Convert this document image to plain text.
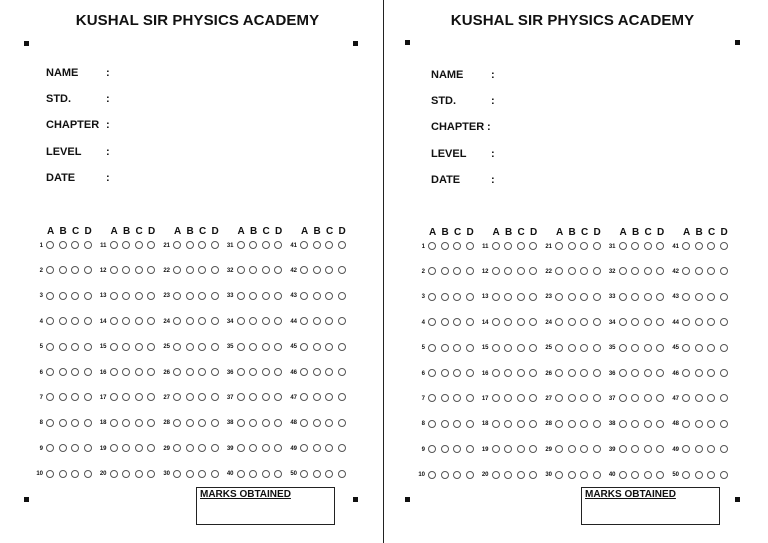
KUSHAL SIR PHYSICS ACADEMY
NAME	:
STD.	:
CHAPTER :
LEVEL :
DATE	:
A B C D
1
2
3
4
5
6
7
8
9
10
A B C D
11
12
13
14
15
16
17
18
19
20
A B C D
21
22
23
24
25
26
27
28
29
30
A B C D
31
32
33
34
35
36
37
38
39
40
A B C D
41
42
43
44
45
46
47
48
49
50
MARKS OBTAINED
KUSHAL SIR PHYSICS ACADEMY
NAME	:
STD.	:
CHAPTER :
LEVEL :
DATE	:
A B C D
1
2
3
4
5
6
7
8
9
10
A B C D
11
12
13
14
15
16
17
18
19
20
A B C D
21
22
23
24
25
26
27
28
29
30
A B C D
31
32
33
34
35
36
37
38
39
40
A B C D
41
42
43
44
45
46
47
48
49
50
MARKS OBTAINED
